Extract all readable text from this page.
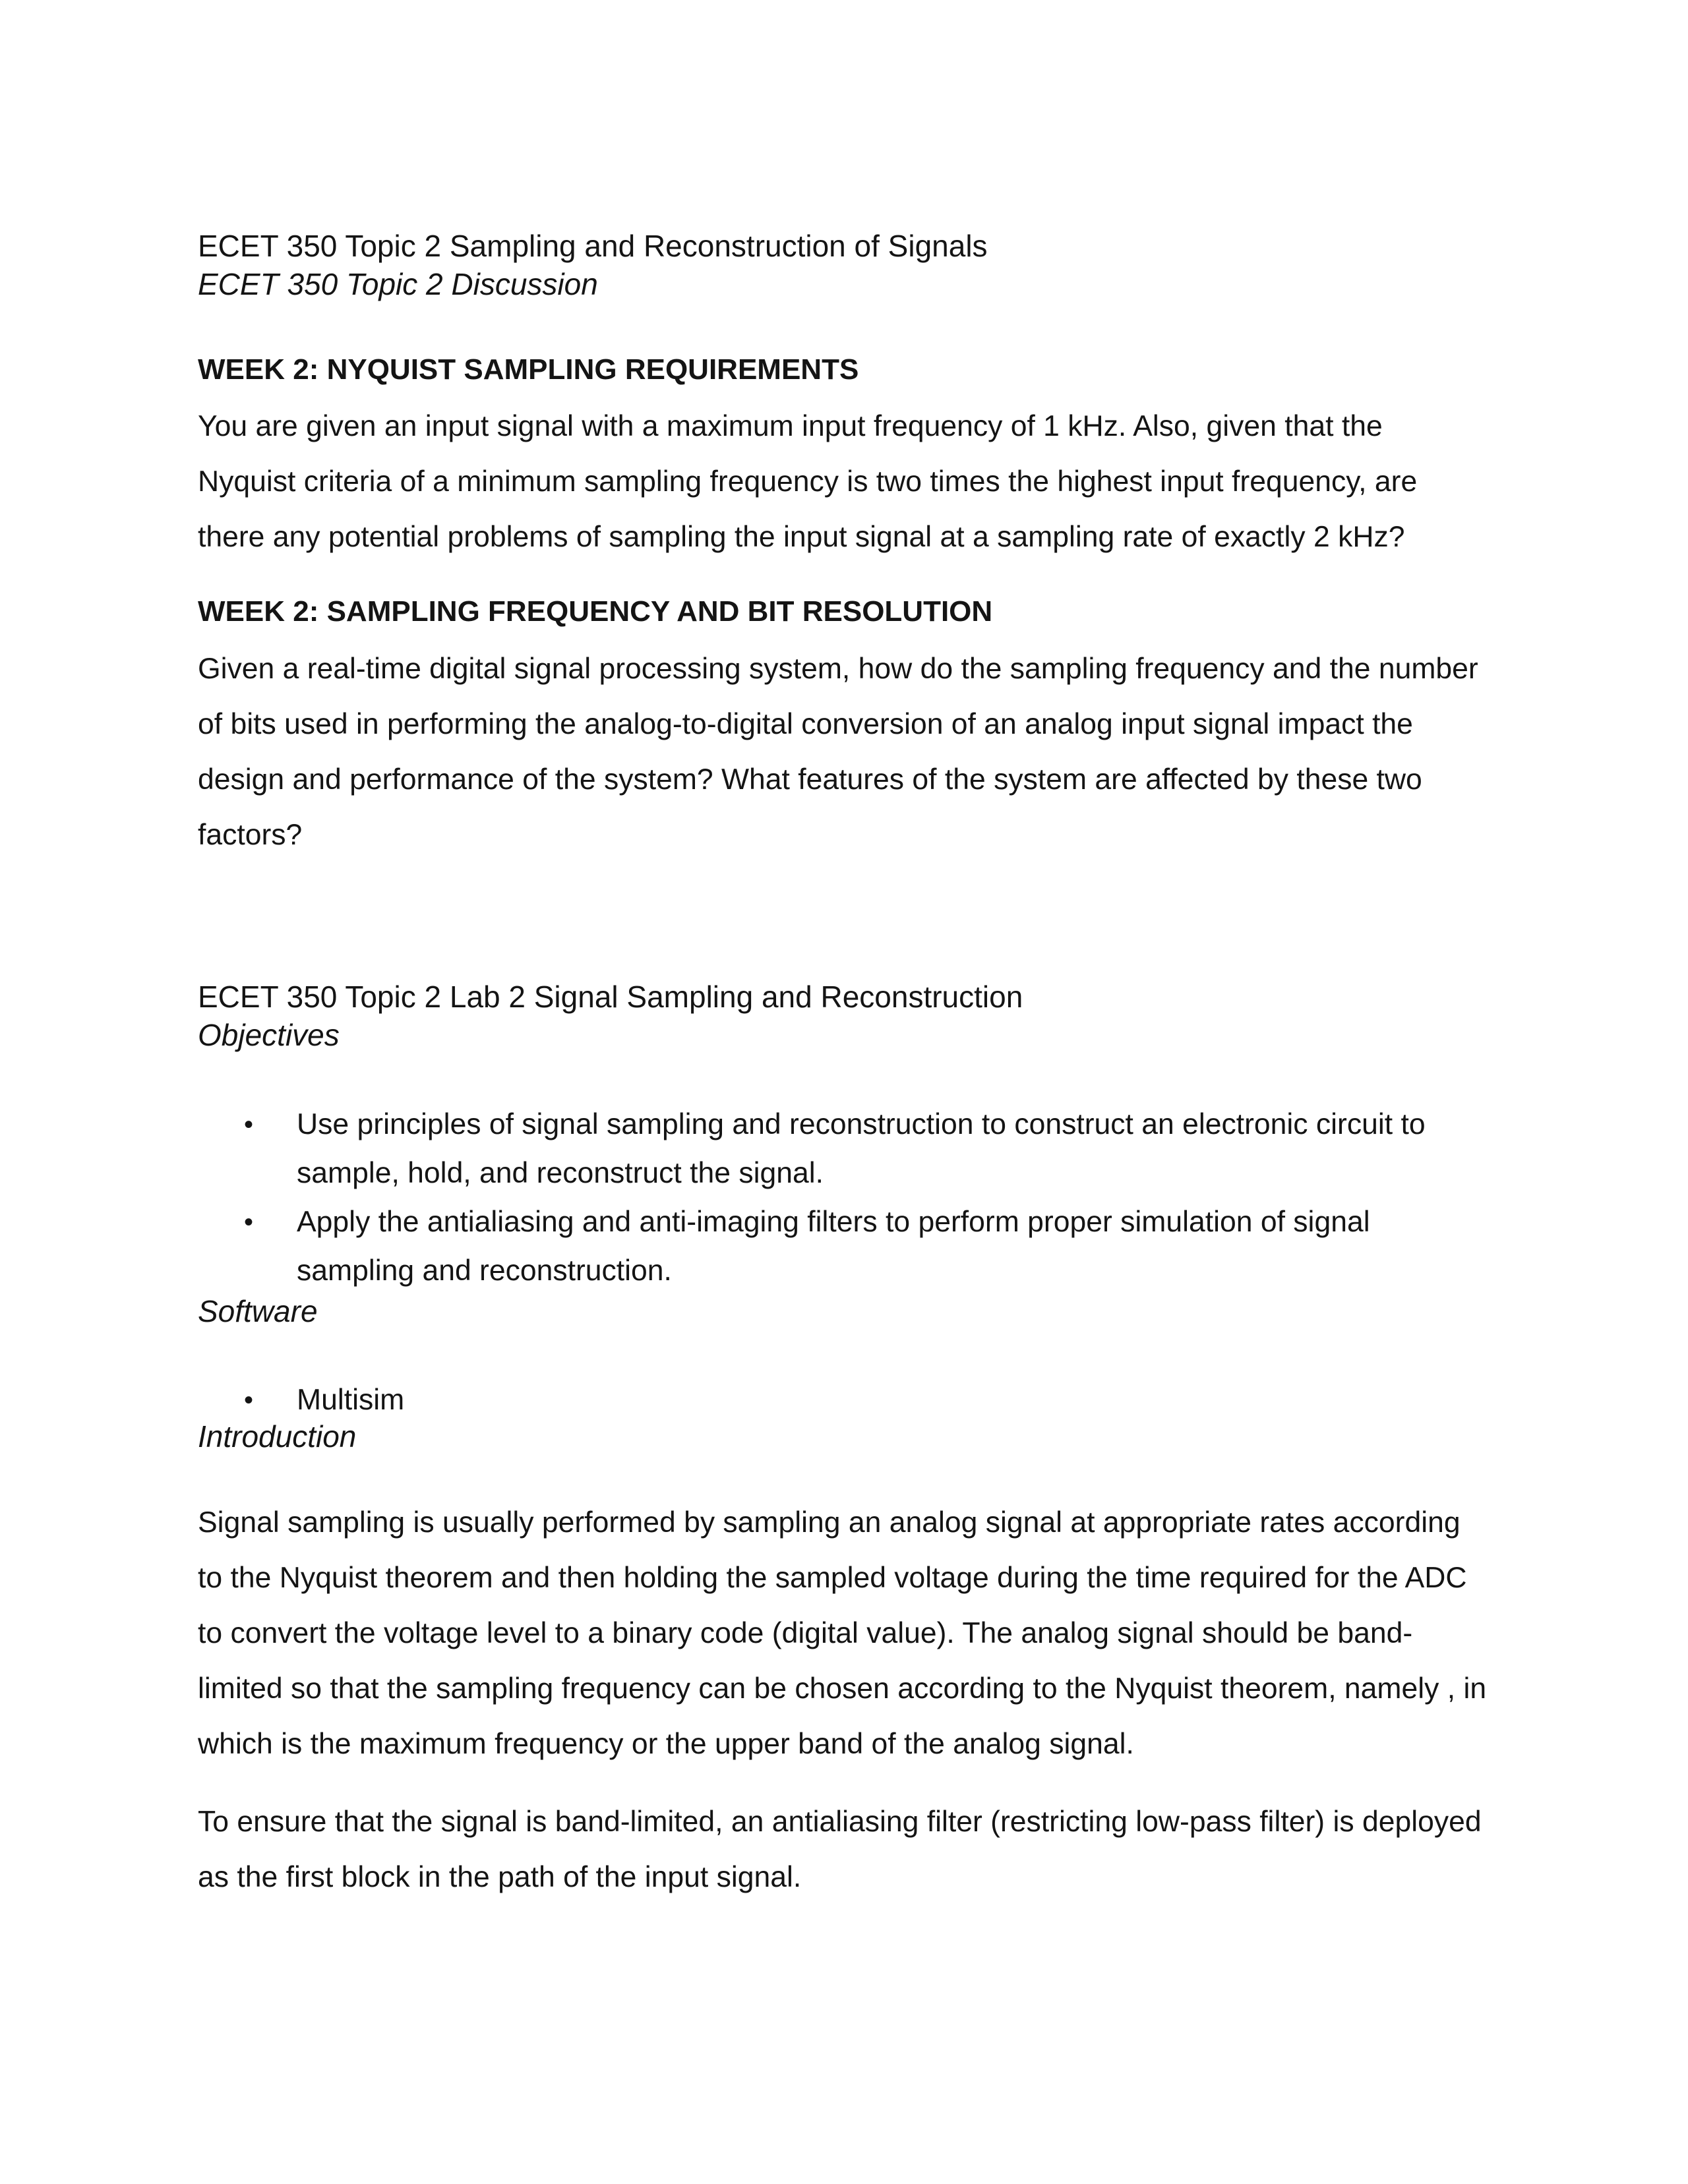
ECET 350 Topic 2 Sampling and Reconstruction of Signals

ECET 350 Topic 2 Discussion

WEEK 2: NYQUIST SAMPLING REQUIREMENTS

You are given an input signal with a maximum input frequency of 1 kHz. Also, given that the
Nyquist criteria of a minimum sampling frequency is two times the highest input frequency, are
there any potential problems of sampling the input signal at a sampling rate of exactly 2 kHz?

WEEK 2: SAMPLING FREQUENCY AND BIT RESOLUTION

Given a real-time digital signal processing system, how do the sampling frequency and the number
of bits used in performing the analog-to-digital conversion of an analog input signal impact the
design and performance of the system? What features of the system are affected by these two
factors?

ECET 350 Topic 2 Lab 2 Signal Sampling and Reconstruction

Objectives

• Use principles of signal sampling and reconstruction to construct an electronic circuit to
sample, hold, and reconstruct the signal.
• Apply the antialiasing and anti-imaging filters to perform proper simulation of signal
sampling and reconstruction.

Software

• Multisim

Introduction

Signal sampling is usually performed by sampling an analog signal at appropriate rates according
to the Nyquist theorem and then holding the sampled voltage during the time required for the ADC
to convert the voltage level to a binary code (digital value). The analog signal should be band-
limited so that the sampling frequency can be chosen according to the Nyquist theorem, namely , in
which is the maximum frequency or the upper band of the analog signal.
To ensure that the signal is band-limited, an antialiasing filter (restricting low-pass filter) is deployed
as the first block in the path of the input signal.
